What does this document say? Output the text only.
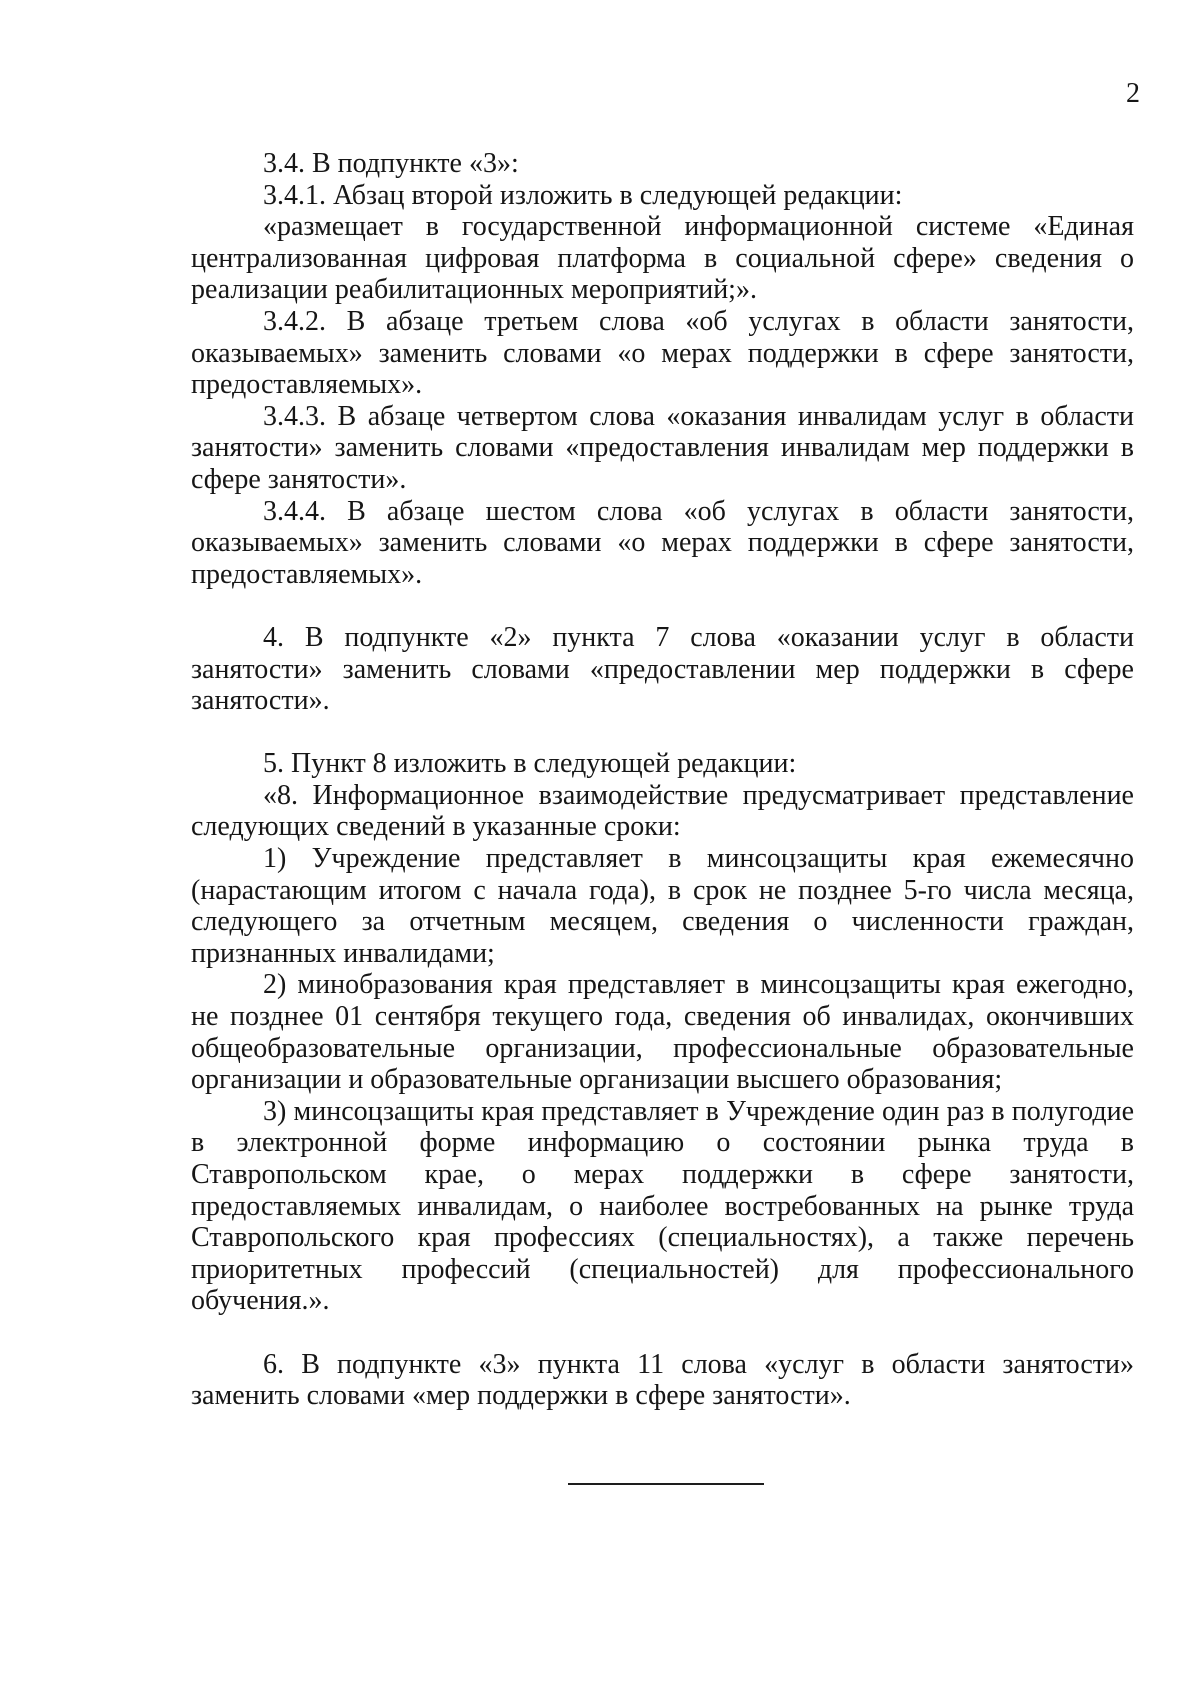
2

3.4. В подпункте «3»:

3.4.1. Абзац второй изложить в следующей редакции:

«размещает в государственной информационной системе «Единая централизованная цифровая платформа в социальной сфере» сведения о реализации реабилитационных мероприятий;».

3.4.2. В абзаце третьем слова «об услугах в области занятости, оказываемых» заменить словами «о мерах поддержки в сфере занятости, предоставляемых».

3.4.3. В абзаце четвертом слова «оказания инвалидам услуг в области занятости» заменить словами «предоставления инвалидам мер поддержки в сфере занятости».

3.4.4. В абзаце шестом слова «об услугах в области занятости, оказываемых» заменить словами «о мерах поддержки в сфере занятости, предоставляемых».

4. В подпункте «2» пункта 7 слова «оказании услуг в области занятости» заменить словами «предоставлении мер поддержки в сфере занятости».

5. Пункт 8 изложить в следующей редакции:

«8. Информационное взаимодействие предусматривает представление следующих сведений в указанные сроки:

1) Учреждение представляет в минсоцзащиты края ежемесячно (нарастающим итогом с начала года), в срок не позднее 5-го числа месяца, следующего за отчетным месяцем, сведения о численности граждан, признанных инвалидами;

2) минобразования края представляет в минсоцзащиты края ежегодно, не позднее 01 сентября текущего года, сведения об инвалидах, окончивших общеобразовательные организации, профессиональные образовательные организации и образовательные организации высшего образования;

3) минсоцзащиты края представляет в Учреждение один раз в полугодие в электронной форме информацию о состоянии рынка труда в Ставропольском крае, о мерах поддержки в сфере занятости, предоставляемых инвалидам, о наиболее востребованных на рынке труда Ставропольского края профессиях (специальностях), а также перечень приоритетных профессий (специальностей) для профессионального обучения.».

6. В подпункте «3» пункта 11 слова «услуг в области занятости» заменить словами «мер поддержки в сфере занятости».
